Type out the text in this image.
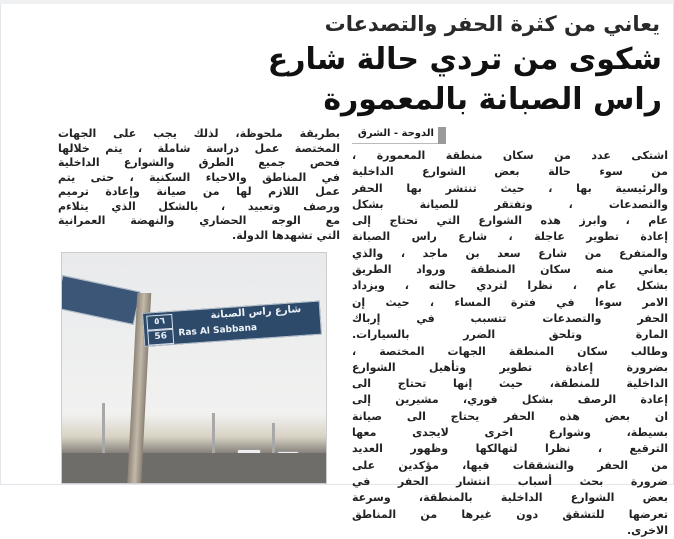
يعاني من كثرة الحفر والتصدعات
شكوى من تردي حالة شارع
راس الصبانة بالمعمورة
الدوحة - الشرق
اشتكى عدد من سكان منطقة المعمورة ،
من سوء حالة بعض الشوارع الداخلية
والرئيسية بها ، حيث تنتشر بها الحفر
والتصدعات ، وتفتقر للصيانة بشكل
عام ، وابرز هذه الشوارع التي تحتاج إلى
إعادة تطوير عاجلة ، شارع راس الصبانة
والمتفرع من شارع سعد بن ماجد ، والذي
يعاني منه سكان المنطقة ورواد الطريق
بشكل عام ، نظرا لتردي حالته ، ويزداد
الامر سوءا في فترة المساء ، حيث إن
الحفر والتصدعات تتسبب في إرباك
المارة وتلحق الضرر بالسيارات.
وطالب سكان المنطقة الجهات المختصة ،
بضرورة إعادة تطوير وتأهيل الشوارع
الداخلية للمنطقة، حيث إنها تحتاج الى
إعادة الرصف بشكل فوري، مشيرين إلى
ان بعض هذه الحفر يحتاج الى صيانة
بسيطة، وشوارع اخرى لايجدى معها
الترقيع ، نظرا لتهالكها وظهور العديد
من الحفر والتشققات فيها، مؤكدين على
ضرورة بحث أسباب انتشار الحفر في
بعض الشوارع الداخلية بالمنطقة، وسرعة
تعرضها للتشقق دون غيرها من المناطق
الاخرى.
بطريقة ملحوظة، لذلك يجب على الجهات
المختصة عمل دراسة شاملة ، يتم خلالها
فحص جميع الطرق والشوارع الداخلية
في المناطق والاحياء السكنية ، حتى يتم
عمل اللازم لها من صيانة وإعادة ترميم
ورصف وتعبيد ، بالشكل الذي يتلاءم
مع الوجه الحضاري والنهضة العمرانية
التي تشهدها الدولة.
٥٦
56
شارع راس الصبانة
Ras Al Sabbana
